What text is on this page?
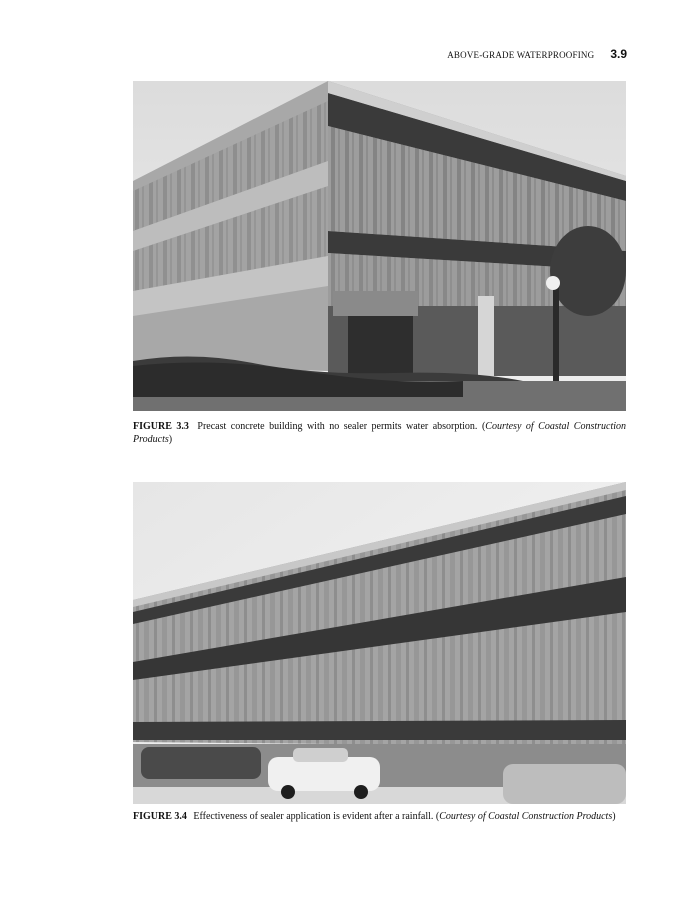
ABOVE-GRADE WATERPROOFING 3.9
FIGURE 3.3 Precast concrete building with no sealer permits water absorption. (Courtesy of Coastal Construction Products)
FIGURE 3.4 Effectiveness of sealer application is evident after a rainfall. (Courtesy of Coastal Construction Products)
